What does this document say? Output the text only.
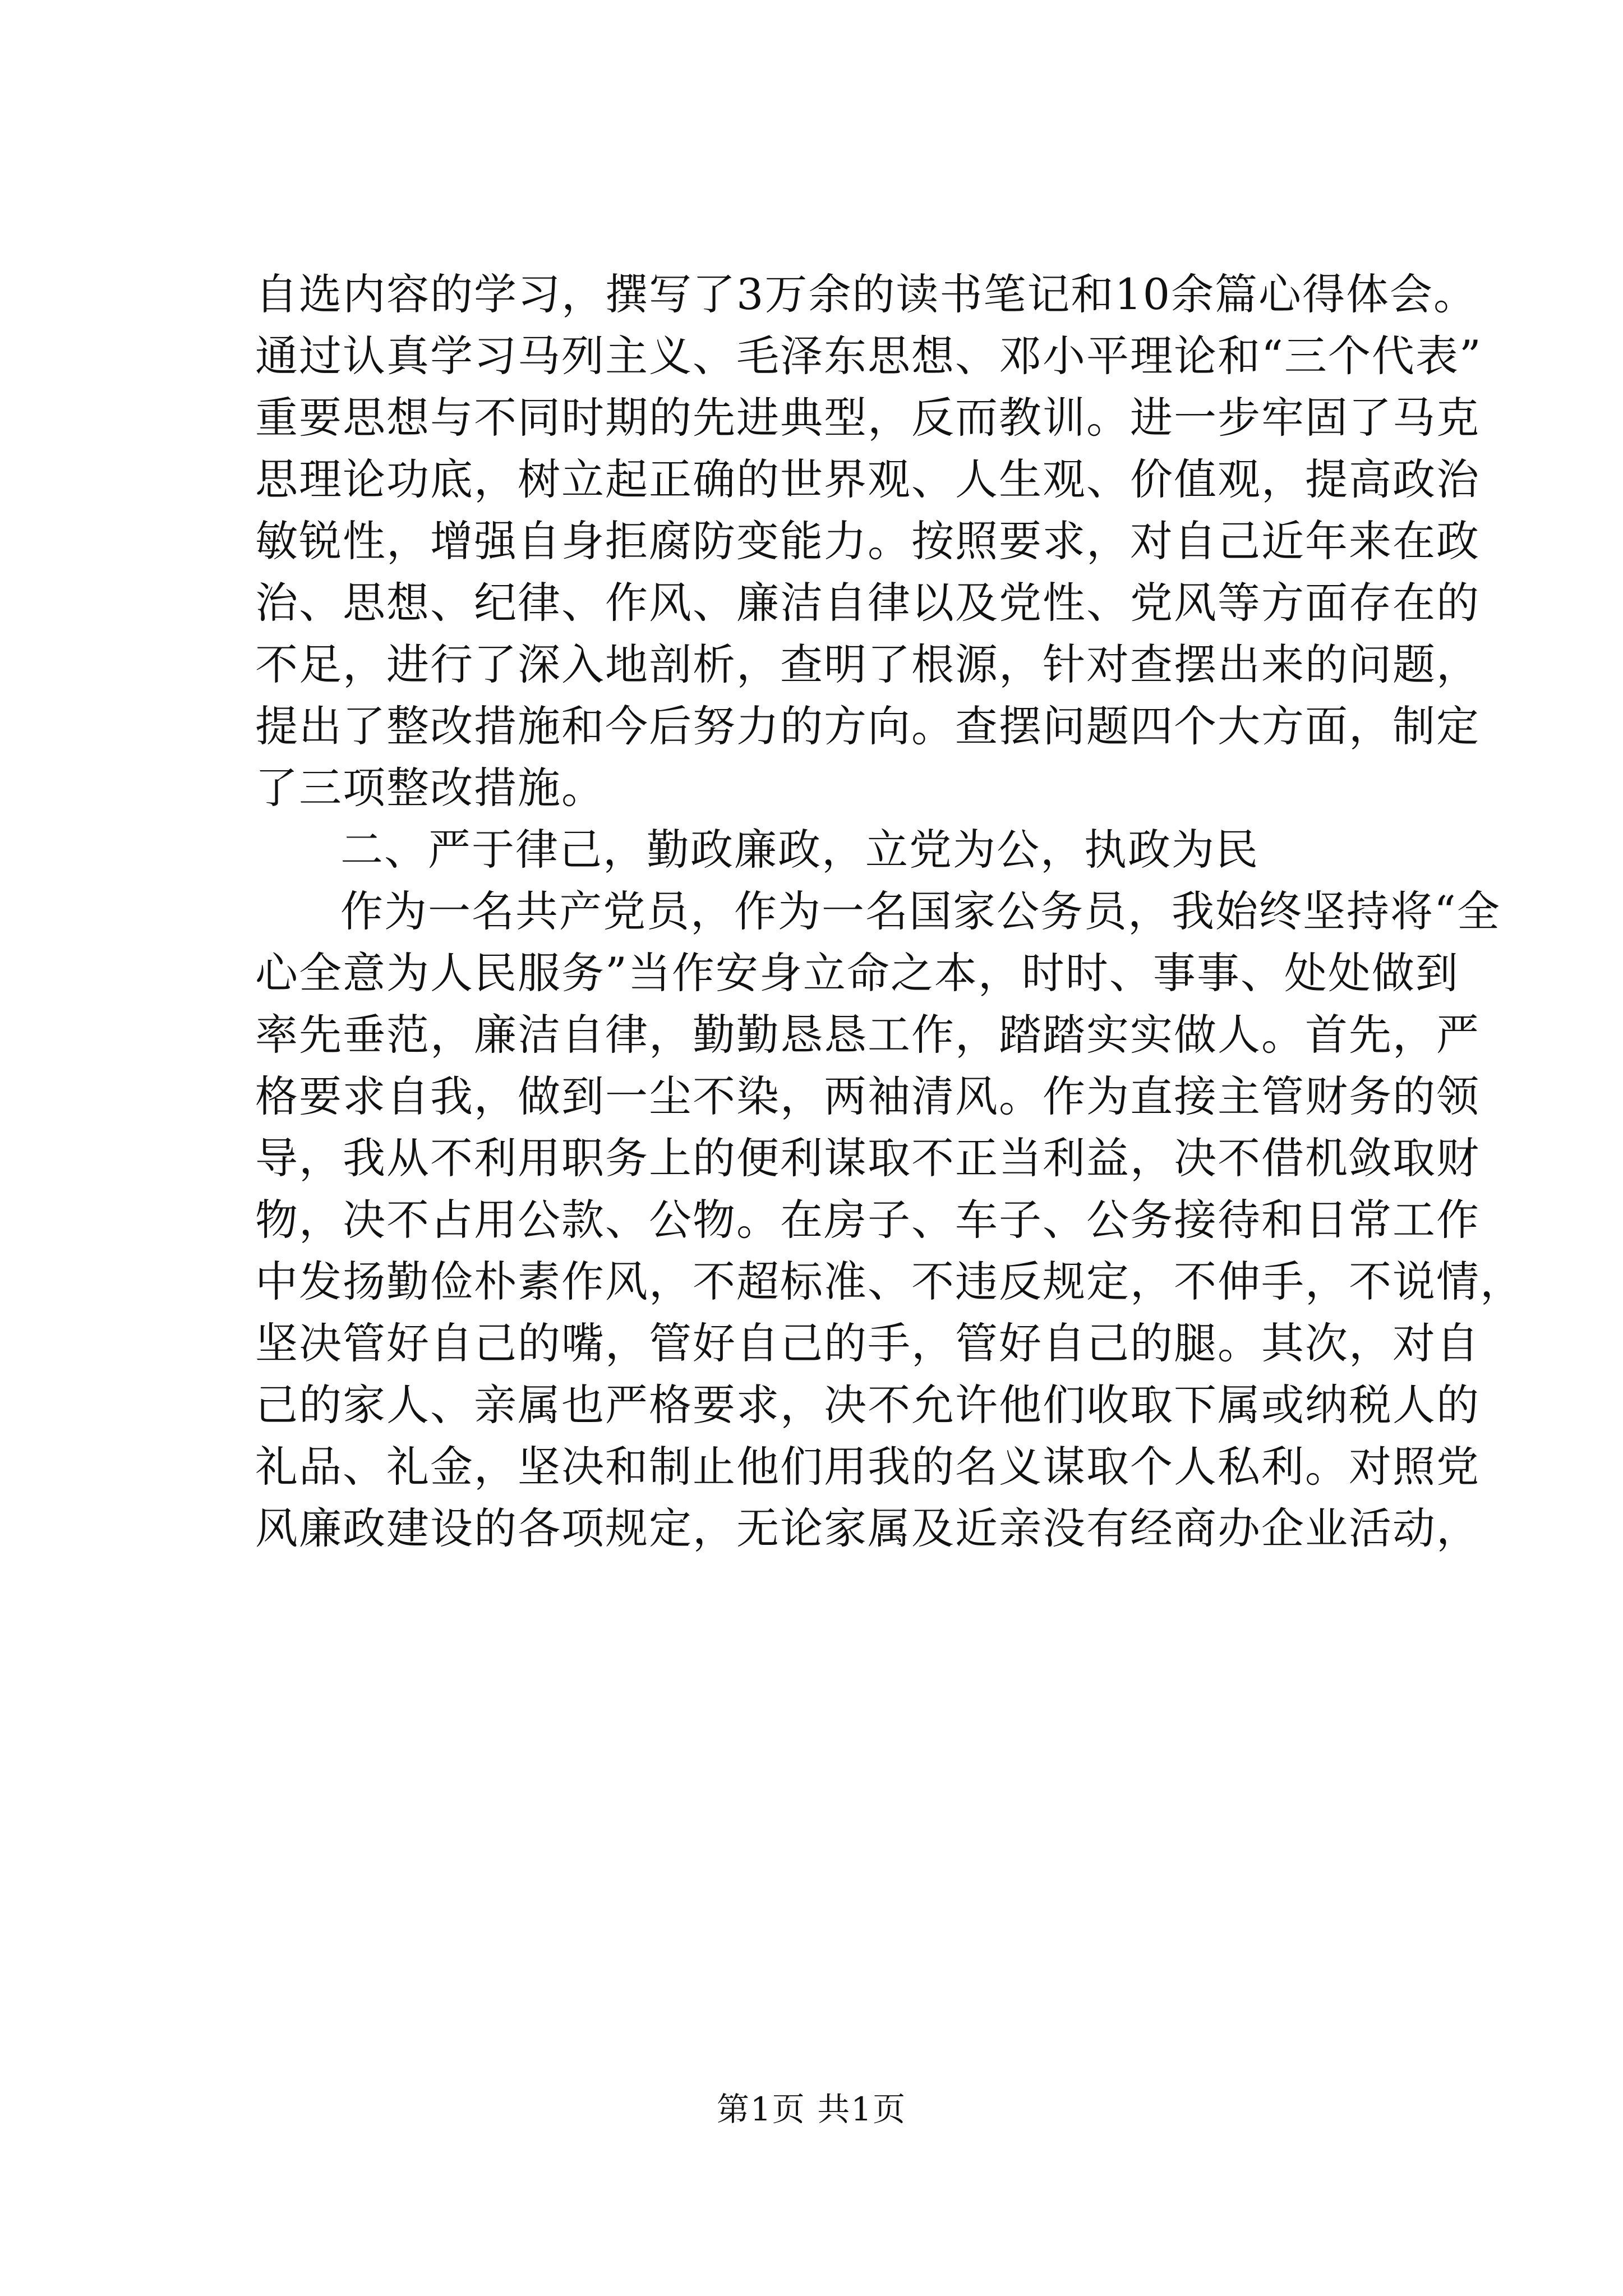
自选内容的学习，撰写了3万余的读书笔记和10余篇心得体会。
通过认真学习马列主义、毛泽东思想、邓小平理论和“三个代表”
重要思想与不同时期的先进典型，反而教训。进一步牢固了马克
思理论功底，树立起正确的世界观、人生观、价值观，提高政治
敏锐性，增强自身拒腐防变能力。按照要求，对自己近年来在政
治、思想、纪律、作风、廉洁自律以及党性、党风等方面存在的
不足，进行了深入地剖析，查明了根源，针对查摆出来的问题，
提出了整改措施和今后努力的方向。查摆问题四个大方面，制定
了三项整改措施。
二、严于律己，勤政廉政，立党为公，执政为民
作为一名共产党员，作为一名国家公务员，我始终坚持将“全
心全意为人民服务”当作安身立命之本，时时、事事、处处做到
率先垂范，廉洁自律，勤勤恳恳工作，踏踏实实做人。首先，严
格要求自我，做到一尘不染，两袖清风。作为直接主管财务的领
导，我从不利用职务上的便利谋取不正当利益，决不借机敛取财
物，决不占用公款、公物。在房子、车子、公务接待和日常工作
中发扬勤俭朴素作风，不超标准、不违反规定，不伸手，不说情，
坚决管好自己的嘴，管好自己的手，管好自己的腿。其次，对自
己的家人、亲属也严格要求，决不允许他们收取下属或纳税人的
礼品、礼金，坚决和制止他们用我的名义谋取个人私利。对照党
风廉政建设的各项规定，无论家属及近亲没有经商办企业活动，
第1页 共1页
